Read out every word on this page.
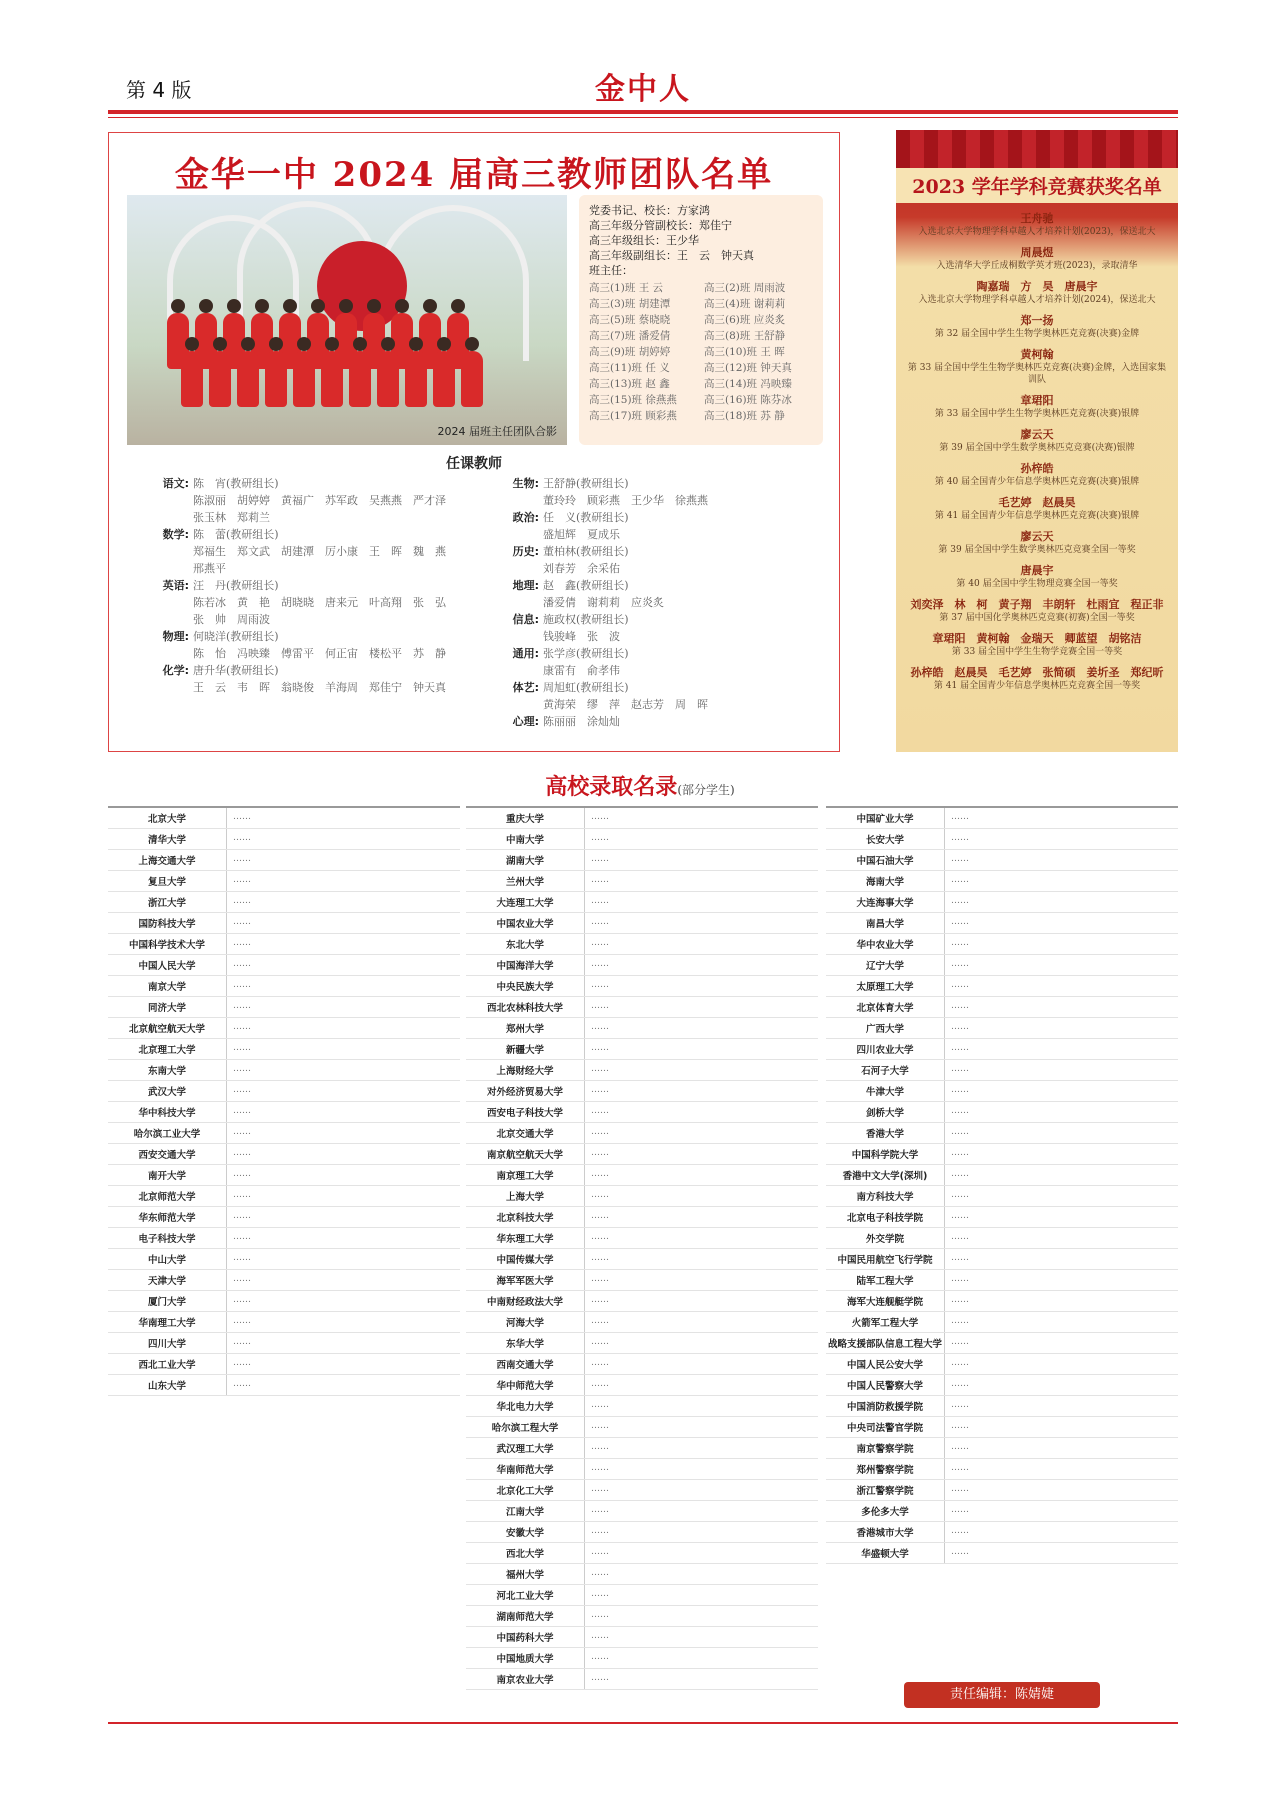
第 4 版	金中人
金华一中 2024 届高三教师团队名单
2024 届班主任团队合影
党委书记、校长：方家鸿
高三年级分管副校长：郑佳宁
高三年级组长：王少华
高三年级副组长：王　云　钟天真
班主任：
高三(1)班 王 云	高三(2)班 周雨波
高三(3)班 胡建潭	高三(4)班 谢莉莉
高三(5)班 蔡晓晓	高三(6)班 应炎炙
高三(7)班 潘爱倩	高三(8)班 王舒静
高三(9)班 胡婷婷	高三(10)班 王 晖
高三(11)班 任 义	高三(12)班 钟天真
高三(13)班 赵 鑫	高三(14)班 冯映臻
高三(15)班 徐燕燕	高三(16)班 陈芬冰
高三(17)班 顾彩燕	高三(18)班 苏 静
任课教师
语文: 陈　宵(教研组长)
陈淑丽　胡婷婷　黄福广　苏军政　吴燕燕　严才泽
张玉林　郑莉兰
数学: 陈　蕾(教研组长)
郑福生　郑文武　胡建潭　厉小康　王　晖　魏　燕
邢燕平
英语: 汪　丹(教研组长)
陈若冰　黄　艳　胡晓晓　唐来元　叶高翔　张　弘
张　帅　周雨波
物理: 何晓洋(教研组长)
陈　怡　冯映臻　傅雷平　何正宙　楼松平　苏　静
化学: 唐升华(教研组长)
王　云　韦　晖　翁晓俊　羊海周　郑佳宁　钟天真
生物: 王舒静(教研组长)
董玲玲　顾彩燕　王少华　徐燕燕
政治: 任　义(教研组长)
盛旭辉　夏成乐
历史: 董柏林(教研组长)
刘春芳　余采佑
地理: 赵　鑫(教研组长)
潘爱倩　谢莉莉　应炎炙
信息: 施政权(教研组长)
钱骏峰　张　波
通用: 张学彦(教研组长)
康雷有　俞孝伟
体艺: 周旭虹(教研组长)
黄海荣　缪　萍　赵志芳　周　晖
心理: 陈丽丽　涂灿灿
2023 学年学科竞赛获奖名单
王舟驰
入选北京大学物理学科卓越人才培养计划(2023)，保送北大
周晨煜
入选清华大学丘成桐数学英才班(2023)，录取清华
陶嘉瑞　方　昊　唐晨宇
入选北京大学物理学科卓越人才培养计划(2024)，保送北大
郑一扬
第 32 届全国中学生生物学奥林匹克竞赛(决赛)金牌
黄柯翰
第 33 届全国中学生生物学奥林匹克竞赛(决赛)金牌，入选国家集训队
章珺阳
第 33 届全国中学生生物学奥林匹克竞赛(决赛)银牌
廖云天
第 39 届全国中学生数学奥林匹克竞赛(决赛)银牌
孙梓皓
第 40 届全国青少年信息学奥林匹克竞赛(决赛)银牌
毛艺婷　赵晨昊
第 41 届全国青少年信息学奥林匹克竞赛(决赛)银牌
廖云天
第 39 届全国中学生数学奥林匹克竞赛全国一等奖
唐晨宇
第 40 届全国中学生物理竞赛全国一等奖
刘奕泽　林　柯　黄子翔　丰朗轩　杜雨宜　程正非
第 37 届中国化学奥林匹克竞赛(初赛)全国一等奖
章珺阳　黄柯翰　金瑞天　卿蓝望　胡铭洁
第 33 届全国中学生生物学竞赛全国一等奖
孙梓皓　赵晨昊　毛艺婷　张简硕　姜圻圣　郑纪昕
第 41 届全国青少年信息学奥林匹克竞赛全国一等奖
高校录取名录(部分学生)
北京大学	……
清华大学	……
上海交通大学	……
复旦大学	……
浙江大学	……
国防科技大学	……
中国科学技术大学	……
中国人民大学	……
南京大学	……
同济大学	……
北京航空航天大学	……
北京理工大学	……
东南大学	……
武汉大学	……
华中科技大学	……
哈尔滨工业大学	……
西安交通大学	……
南开大学	……
北京师范大学	……
华东师范大学	……
电子科技大学	……
中山大学	……
天津大学	……
厦门大学	……
华南理工大学	……
四川大学	……
西北工业大学	……
山东大学	……
重庆大学	……
中南大学	……
湖南大学	……
兰州大学	……
大连理工大学	……
中国农业大学	……
东北大学	……
中国海洋大学	……
中央民族大学	……
西北农林科技大学	……
郑州大学	……
新疆大学	……
上海财经大学	……
对外经济贸易大学	……
西安电子科技大学	……
北京交通大学	……
南京航空航天大学	……
南京理工大学	……
上海大学	……
北京科技大学	……
华东理工大学	……
中国传媒大学	……
海军军医大学	……
中南财经政法大学	……
河海大学	……
东华大学	……
西南交通大学	……
华中师范大学	……
华北电力大学	……
哈尔滨工程大学	……
武汉理工大学	……
华南师范大学	……
北京化工大学	……
江南大学	……
安徽大学	……
西北大学	……
福州大学	……
河北工业大学	……
湖南师范大学	……
中国药科大学	……
中国地质大学	……
南京农业大学	……
中国矿业大学	……
长安大学	……
中国石油大学	……
海南大学	……
大连海事大学	……
南昌大学	……
华中农业大学	……
辽宁大学	……
太原理工大学	……
北京体育大学	……
广西大学	……
四川农业大学	……
石河子大学	……
牛津大学	……
剑桥大学	……
香港大学	……
中国科学院大学	……
香港中文大学(深圳)	……
南方科技大学	……
北京电子科技学院	……
外交学院	……
中国民用航空飞行学院	……
陆军工程大学	……
海军大连舰艇学院	……
火箭军工程大学	……
战略支援部队信息工程大学	……
中国人民公安大学	……
中国人民警察大学	……
中国消防救援学院	……
中央司法警官学院	……
南京警察学院	……
郑州警察学院	……
浙江警察学院	……
多伦多大学	……
香港城市大学	……
华盛顿大学	……
责任编辑：陈婧婕
